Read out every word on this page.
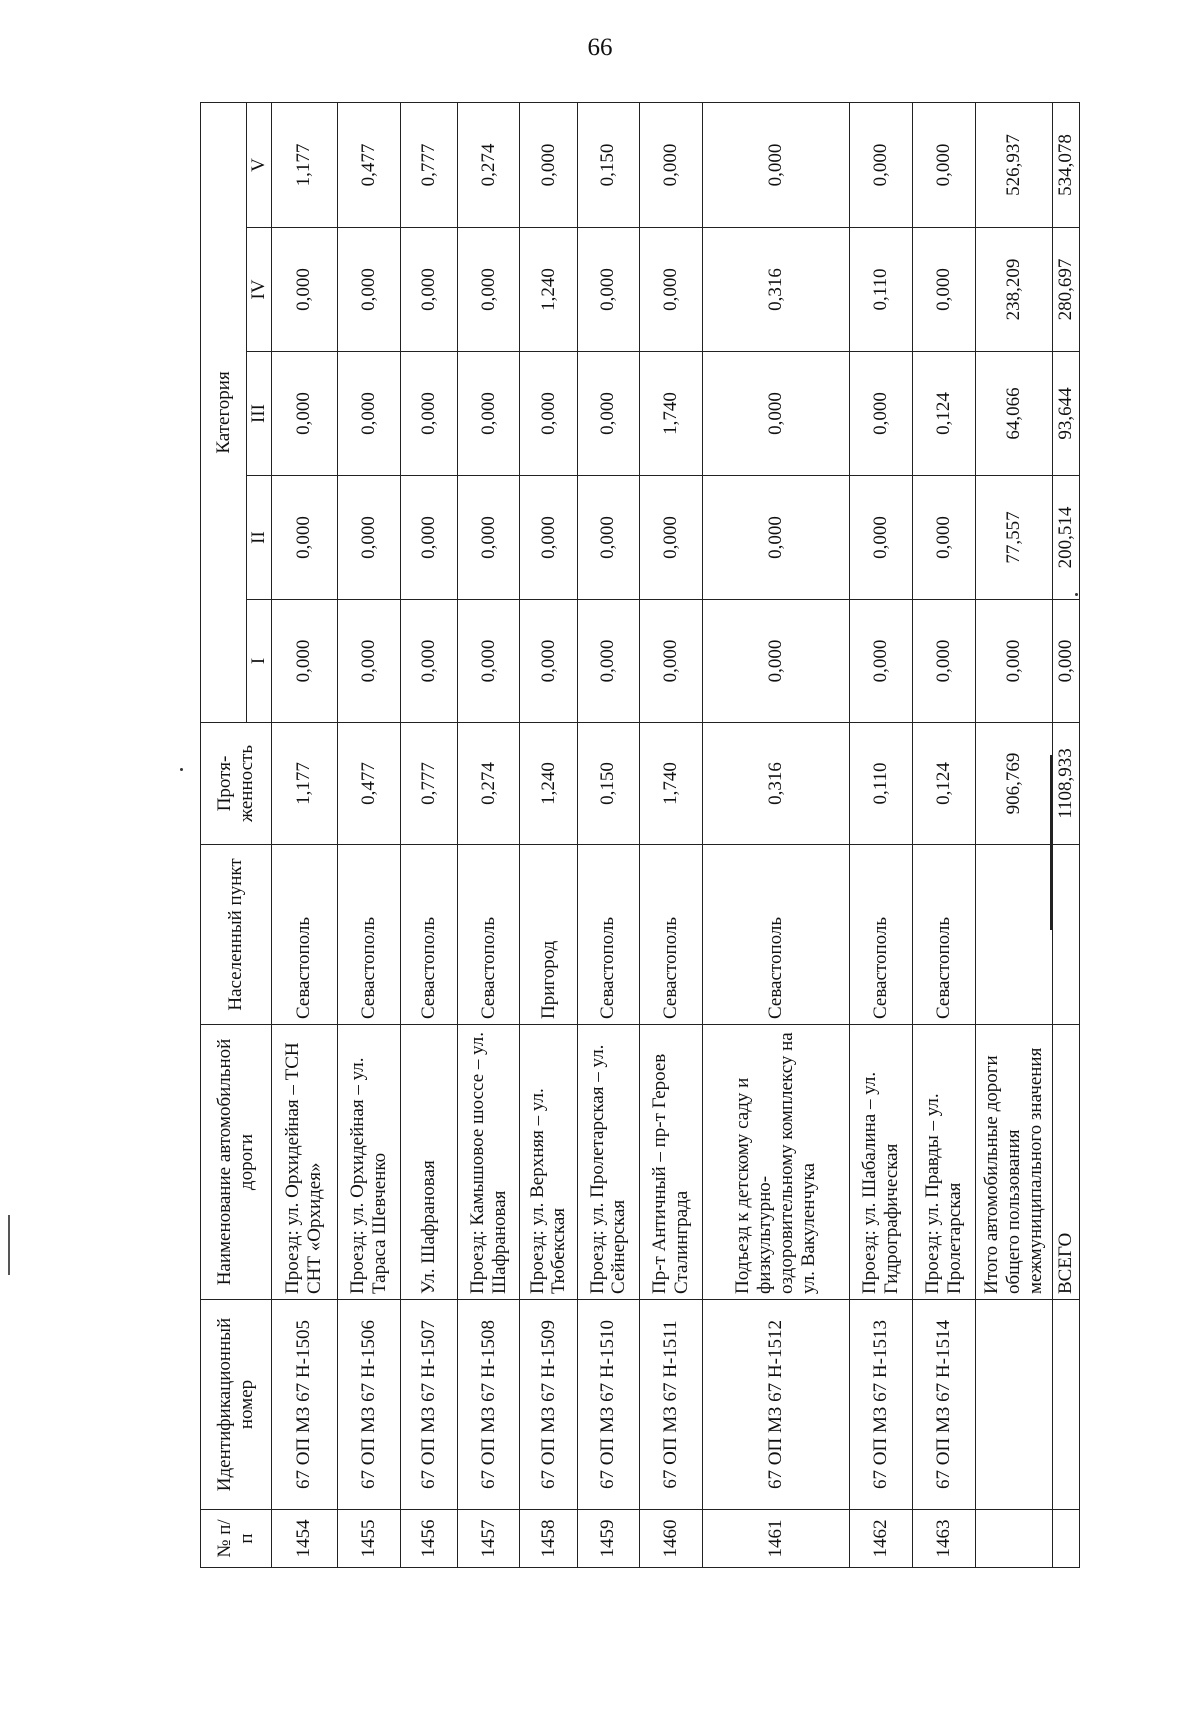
66
№ п/п	Идентификационный номер	Наименование автомобильной дороги	Населенный пункт	Протя-женность	Категория				
					I	II	III	IV	V
1454	67 ОП МЗ 67 Н-1505	Проезд: ул. Орхидейная – ТСН СНТ «Орхидея»	Севастополь	1,177	0,000	0,000	0,000	0,000	1,177
1455	67 ОП МЗ 67 Н-1506	Проезд: ул. Орхидейная – ул. Тараса Шевченко	Севастополь	0,477	0,000	0,000	0,000	0,000	0,477
1456	67 ОП МЗ 67 Н-1507	Ул. Шафрановая	Севастополь	0,777	0,000	0,000	0,000	0,000	0,777
1457	67 ОП МЗ 67 Н-1508	Проезд: Камышовое шоссе – ул. Шафрановая	Севастополь	0,274	0,000	0,000	0,000	0,000	0,274
1458	67 ОП МЗ 67 Н-1509	Проезд: ул. Верхняя – ул. Тюбекская	Пригород	1,240	0,000	0,000	0,000	1,240	0,000
1459	67 ОП МЗ 67 Н-1510	Проезд: ул. Пролетарская – ул. Сейнерская	Севастополь	0,150	0,000	0,000	0,000	0,000	0,150
1460	67 ОП МЗ 67 Н-1511	Пр-т Античный – пр-т Героев Сталинграда	Севастополь	1,740	0,000	0,000	1,740	0,000	0,000
1461	67 ОП МЗ 67 Н-1512	Подъезд к детскому саду и физкультурно-оздоровительному комплексу на ул. Вакуленчука	Севастополь	0,316	0,000	0,000	0,000	0,316	0,000
1462	67 ОП МЗ 67 Н-1513	Проезд: ул. Шабалина – ул. Гидрографическая	Севастополь	0,110	0,000	0,000	0,000	0,110	0,000
1463	67 ОП МЗ 67 Н-1514	Проезд: ул. Правды – ул. Пролетарская	Севастополь	0,124	0,000	0,000	0,124	0,000	0,000
		Итого автомобильные дороги общего пользования межмуниципального значения		906,769	0,000	77,557	64,066	238,209	526,937
		ВСЕГО		1108,933	0,000	200,514	93,644	280,697	534,078
